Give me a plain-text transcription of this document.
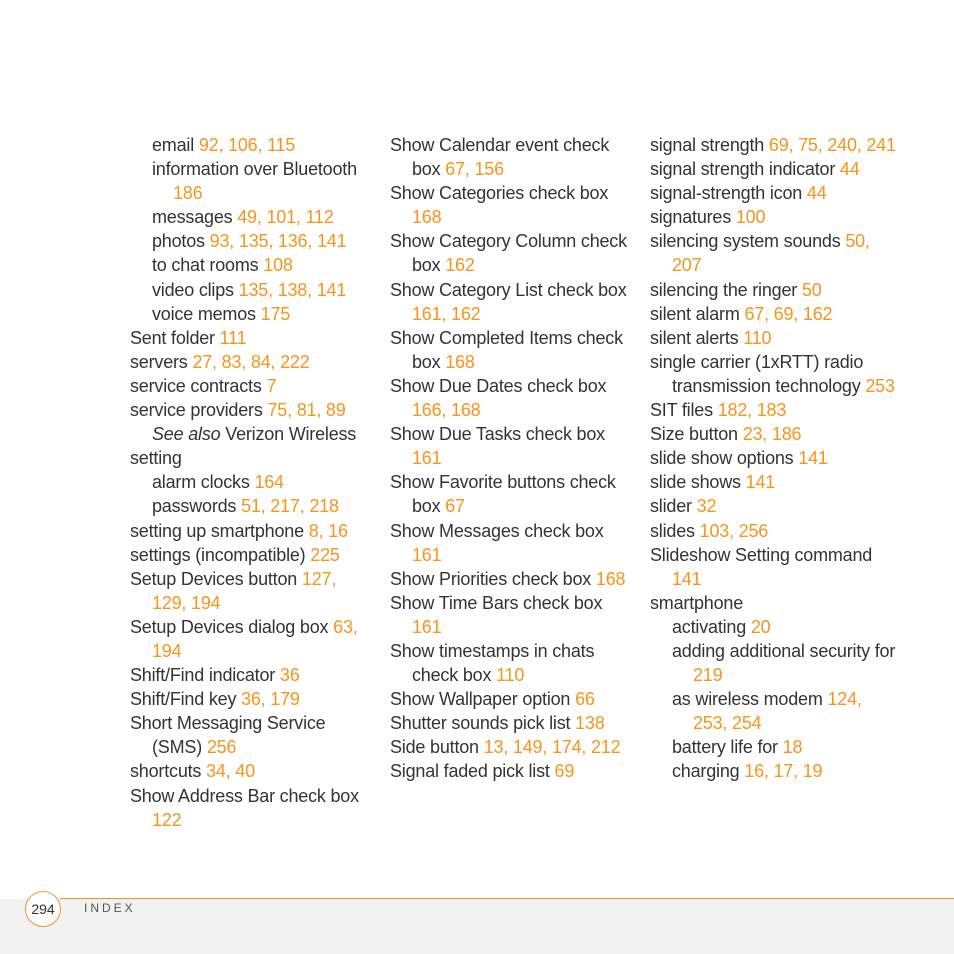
email 92, 106, 115
information over Bluetooth 186
messages 49, 101, 112
photos 93, 135, 136, 141
to chat rooms 108
video clips 135, 138, 141
voice memos 175
Sent folder 111
servers 27, 83, 84, 222
service contracts 7
service providers 75, 81, 89
See also Verizon Wireless
setting
alarm clocks 164
passwords 51, 217, 218
setting up smartphone 8, 16
settings (incompatible) 225
Setup Devices button 127, 129, 194
Setup Devices dialog box 63, 194
Shift/Find indicator 36
Shift/Find key 36, 179
Short Messaging Service (SMS) 256
shortcuts 34, 40
Show Address Bar check box 122
Show Calendar event check box 67, 156
Show Categories check box 168
Show Category Column check box 162
Show Category List check box 161, 162
Show Completed Items check box 168
Show Due Dates check box 166, 168
Show Due Tasks check box 161
Show Favorite buttons check box 67
Show Messages check box 161
Show Priorities check box 168
Show Time Bars check box 161
Show timestamps in chats check box 110
Show Wallpaper option 66
Shutter sounds pick list 138
Side button 13, 149, 174, 212
Signal faded pick list 69
signal strength 69, 75, 240, 241
signal strength indicator 44
signal-strength icon 44
signatures 100
silencing system sounds 50, 207
silencing the ringer 50
silent alarm 67, 69, 162
silent alerts 110
single carrier (1xRTT) radio transmission technology 253
SIT files 182, 183
Size button 23, 186
slide show options 141
slide shows 141
slider 32
slides 103, 256
Slideshow Setting command 141
smartphone
activating 20
adding additional security for 219
as wireless modem 124, 253, 254
battery life for 18
charging 16, 17, 19
294	INDEX
